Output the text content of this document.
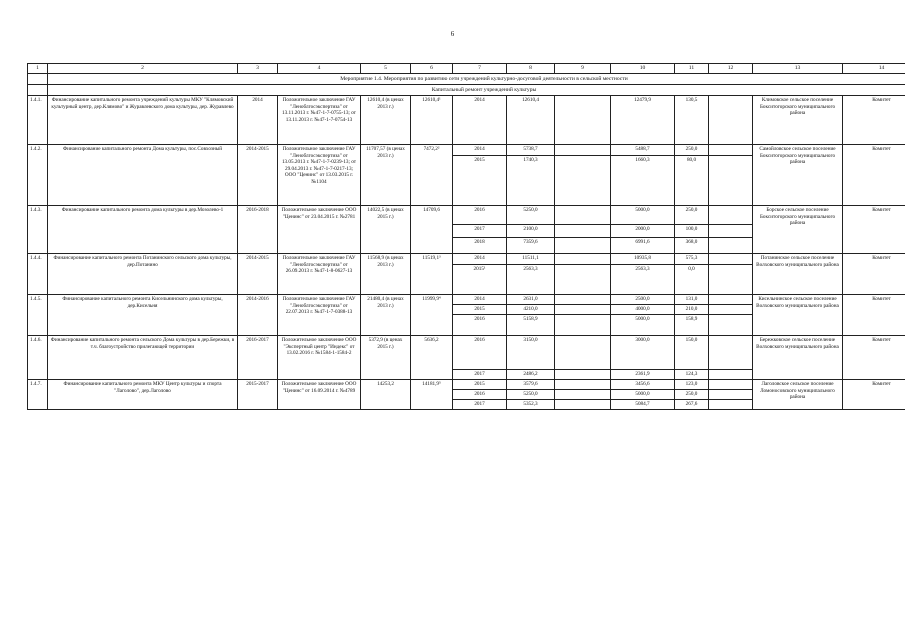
6
1	2	3	4	5	6	7	8	9	10	11	12	13	14
	Мероприятие 1.4. Мероприятия по развитию сети учреждений культурно-досуговой деятельности в сельской местности												
	Капитальный ремонт учреждений культуры												
1.4.1.	Финансирование капитального ремонта учреждений культуры МКУ "Клямовский культурный центр, дер.Клямово" и Журавлевского дома культуры, дер. Журавлево	2014	Положительное заключение ГАУ "Леноблгосэкспертиза" от 13.11.2013 г. №47-1-7-0755-13; от 13.11.2013 г. №47-1-7-0754-13	12610,4 (в ценах 2013 г.)	12610,4¹	2014	12610,4		12479,9	130,5		Климовское сельское поселение Бокситогорского муниципального района	Комитет
1.4.2.	Финансирование капитального ремонта Дома культуры, пос.Совхозный	2014-2015	Положительное заключение ГАУ "Леноблгосэкспертиза" от 13.05.2013 г. №47-1-7-0239-13; от 29.04.2013 г. №47-1-7-0217-13; ООО "Ценинс" от 13.03.2015 г. №1104	11707,57 (в ценах 2013 г.)	7472,2²	2014	5738,7		5488,7	250,0		Самойловское сельское поселение Бокситогорского муниципального района	Комитет
						2015	1740,3		1660,3	80,0			
1.4.3.	Финансирование капитального ремонта дома культуры в дер.Мозолево-1	2016-2018	Положительное заключение ООО "Ценинс" от 23.04.2015 г. №2781	14022,5 (в ценах 2015 г.)	14709,6	2016	5250,0		5000,0	250,0		Борское сельское поселение Бокситогорского муниципального района	Комитет
						2017	2100,0		2000,0	100,0			
						2018	7359,6		6991,6	368,0			
1.4.4.	Финансирование капитального ремонта Потанинского сельского дома культуры, дер.Потанино	2014-2015	Положительное заключение ГАУ "Леноблгосэкспертиза" от 26.09.2013 г. №47-1-8-0627-13	11568,9 (в ценах 2013 г.)	11519,1³	2014	11511,1		10935,8	575,3		Потанинское сельское поселение Волховского муниципального района	Комитет
						2015¹	2563,3		2563,3	0,0			
1.4.5.	Финансирование капитального ремонта Кисельнинского дома культуры, дер.Кисельня	2014-2016	Положительное заключение ГАУ "Леноблгосэкспертиза" от 22.07.2013 г. №47-1-7-0388-13	21480,4 (в ценах 2013 г.)	11999,9⁴	2014	2631,0		2500,0	131,0		Кисельнинское сельское поселение Волховского муниципального района	Комитет
						2015	4210,0		4000,0	210,0			
						2016	5158,9		5000,0	158,9			
1.4.6.	Финансирование капитального ремонта сельского Дома культуры в дер.Бережки, в т.ч. благоустройство прилегающей территории	2016-2017	Положительное заключение ООО "Экспертный центр "Индекс" от 13.02.2016 г. №1584-1-1584-2	5372,9 (в ценах 2015 г.)	5636,2	2016	3150,0		3000,0	150,0		Бережковское сельское поселение Волховского муниципального района	Комитет
						2017	2486,2		2361,9	124,3			
1.4.7.	Финансирование капитального ремонта МКУ Центр культуры и спорта "Лаголово", дер.Лаголово	2015-2017	Положительное заключение ООО "Ценинс" от 16.09.2014 г. №4789	14253,2	14181,9⁵	2015	3579,6		3456,6	123,0		Лаголовское сельское поселение Ломоносовского муниципального района	Комитет
						2016	5250,0		5000,0	250,0			
						2017	5352,3		5084,7	267,6			
